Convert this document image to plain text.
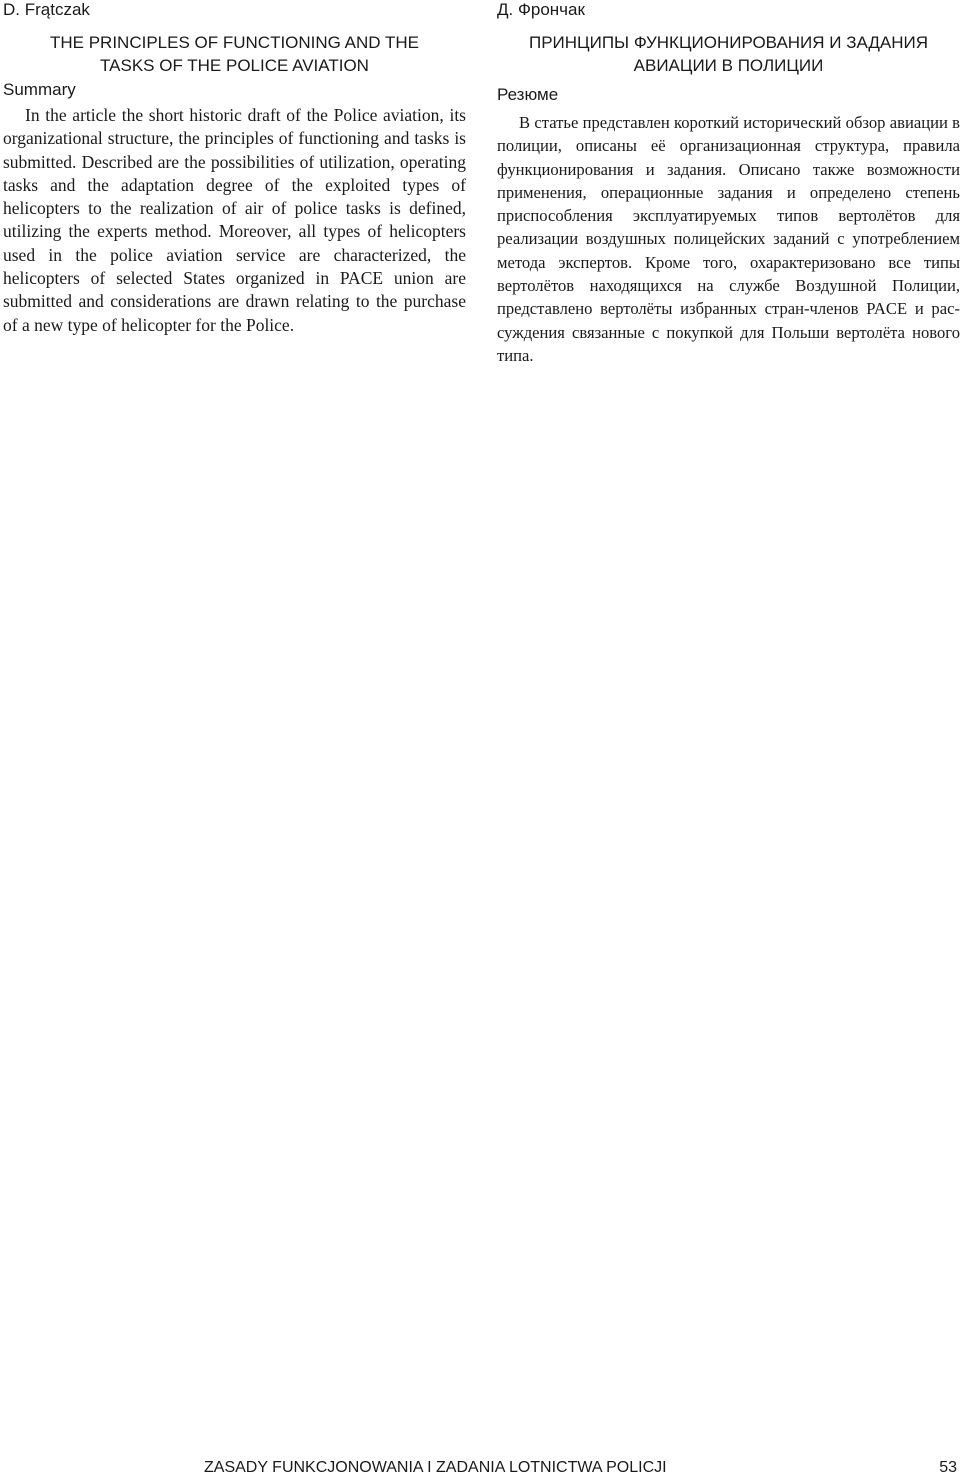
D. Frątczak

THE PRINCIPLES OF FUNCTIONING AND THE TASKS OF THE POLICE AVIATION

Summary

In the article the short historic draft of the Police aviation, its organizational structure, the principles of functioning and tasks is submitted. Described are the possibilities of utilization, operating tasks and the adaptation degree of the exploited types of helicopters to the realization of air of police tasks is defined, utilizing the experts method. Moreover, all types of helicopters used in the police aviation service are characterized, the helicopters of selected States organized in PACE union are submitted and considerations are drawn relating to the purchase of a new type of helicopter for the Police.

Д. Фрончак

ПРИНЦИПЫ ФУНКЦИОНИРОВАНИЯ И ЗАДАНИЯ АВИАЦИИ В ПОЛИЦИИ

Резюме

В статье представлен короткий исторический обзор авиации в полиции, описаны её организационная структура, правила функционирования и задания. Описано также возможности применения, операционные задания и определено степень приспособления эксплуатируемых типов вертолётов для реализации воздушных полицейских заданий с употреблением метода экспертов. Кроме того, охарактеризовано все типы вертолётов находящихся на службе Воздушной Полиции, представлено вертолёты избранных стран-членов PACE и рассуждения связанные с покупкой для Польши вертолёта нового типа.

ZASADY FUNKCJONOWANIA I ZADANIA LOTNICTWA POLICJI	53
